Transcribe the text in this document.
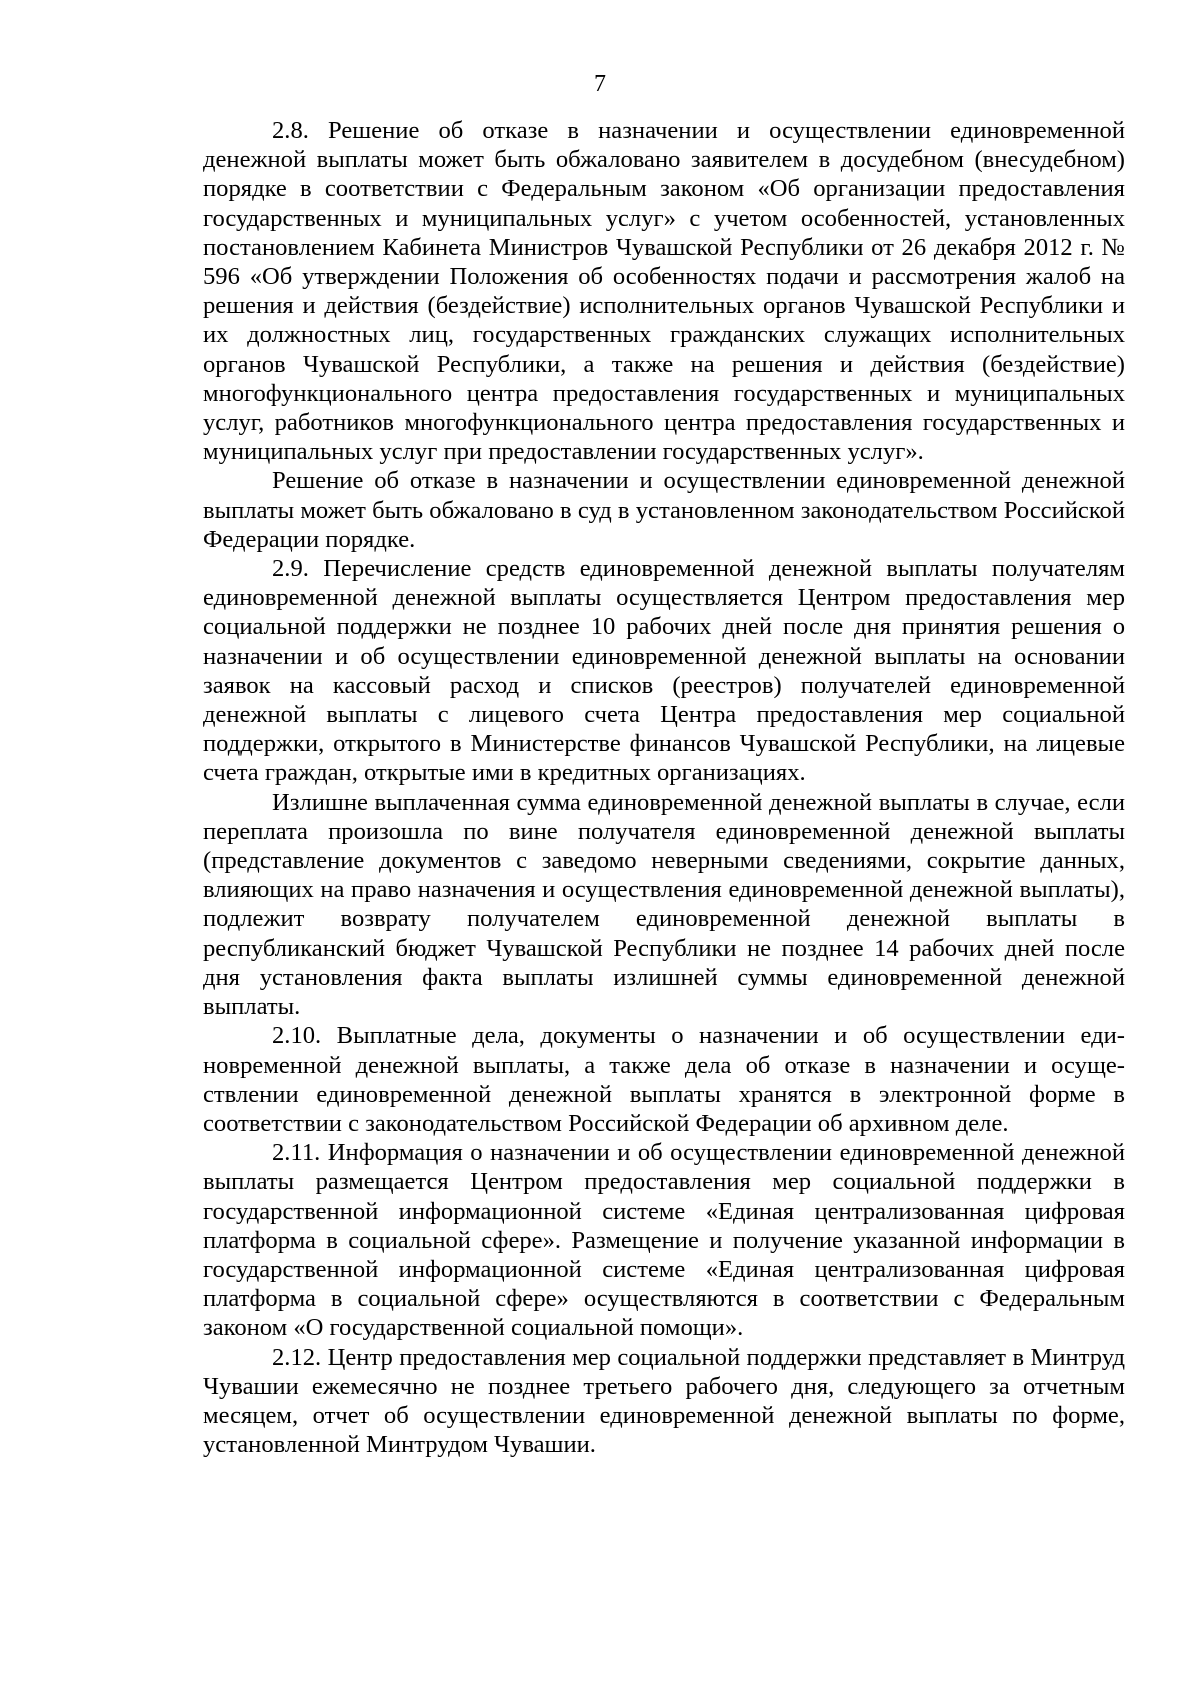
7

2.8. Решение об отказе в назначении и осуществлении единовременной денежной выплаты может быть обжаловано заявителем в досудебном (внесудебном) порядке в соответствии с Федеральным законом «Об организации предоставления государственных и муниципальных услуг» с учетом особенностей, установленных постановлением Кабинета Министров Чувашской Республики от 26 декабря 2012 г. № 596 «Об утверждении Положения об особенностях подачи и рассмотрения жалоб на решения и действия (бездействие) исполнительных органов Чувашской Республики и их должностных лиц, государственных гражданских служащих исполнительных органов Чувашской Республики, а также на решения и действия (бездействие) многофункционального центра предоставления государственных и муниципальных услуг, работников многофункционального центра предоставления государственных и муниципальных услуг при предоставлении государственных услуг».

Решение об отказе в назначении и осуществлении единовременной денежной выплаты может быть обжаловано в суд в установленном законодательством Российской Федерации порядке.

2.9. Перечисление средств единовременной денежной выплаты получателям единовременной денежной выплаты осуществляется Центром предоставления мер социальной поддержки не позднее 10 рабочих дней после дня принятия решения о назначении и об осуществлении единовременной денежной выплаты на основании заявок на кассовый расход и списков (реестров) получателей единовременной денежной выплаты с лицевого счета Центра предоставления мер социальной поддержки, открытого в Министерстве финансов Чувашской Республики, на лицевые счета граждан, открытые ими в кредитных организациях.

Излишне выплаченная сумма единовременной денежной выплаты в случае, если переплата произошла по вине получателя единовременной денежной выплаты (представление документов с заведомо неверными сведениями, сокрытие данных, влияющих на право назначения и осуществления единовременной денежной выплаты), подлежит возврату получателем единовременной денежной выплаты в республиканский бюджет Чувашской Республики не позднее 14 рабочих дней после дня установления факта выплаты излишней суммы единовременной денежной выплаты.

2.10. Выплатные дела, документы о назначении и об осуществлении единовременной денежной выплаты, а также дела об отказе в назначении и осуществлении единовременной денежной выплаты хранятся в электронной форме в соответствии с законодательством Российской Федерации об архивном деле.

2.11. Информация о назначении и об осуществлении единовременной денежной выплаты размещается Центром предоставления мер социальной поддержки в государственной информационной системе «Единая централизованная цифровая платформа в социальной сфере». Размещение и получение указанной информации в государственной информационной системе «Единая централизованная цифровая платформа в социальной сфере» осуществляются в соответствии с Федеральным законом «О государственной социальной помощи».

2.12. Центр предоставления мер социальной поддержки представляет в Минтруд Чувашии ежемесячно не позднее третьего рабочего дня, следующего за отчетным месяцем, отчет об осуществлении единовременной денежной выплаты по форме, установленной Минтрудом Чувашии.
